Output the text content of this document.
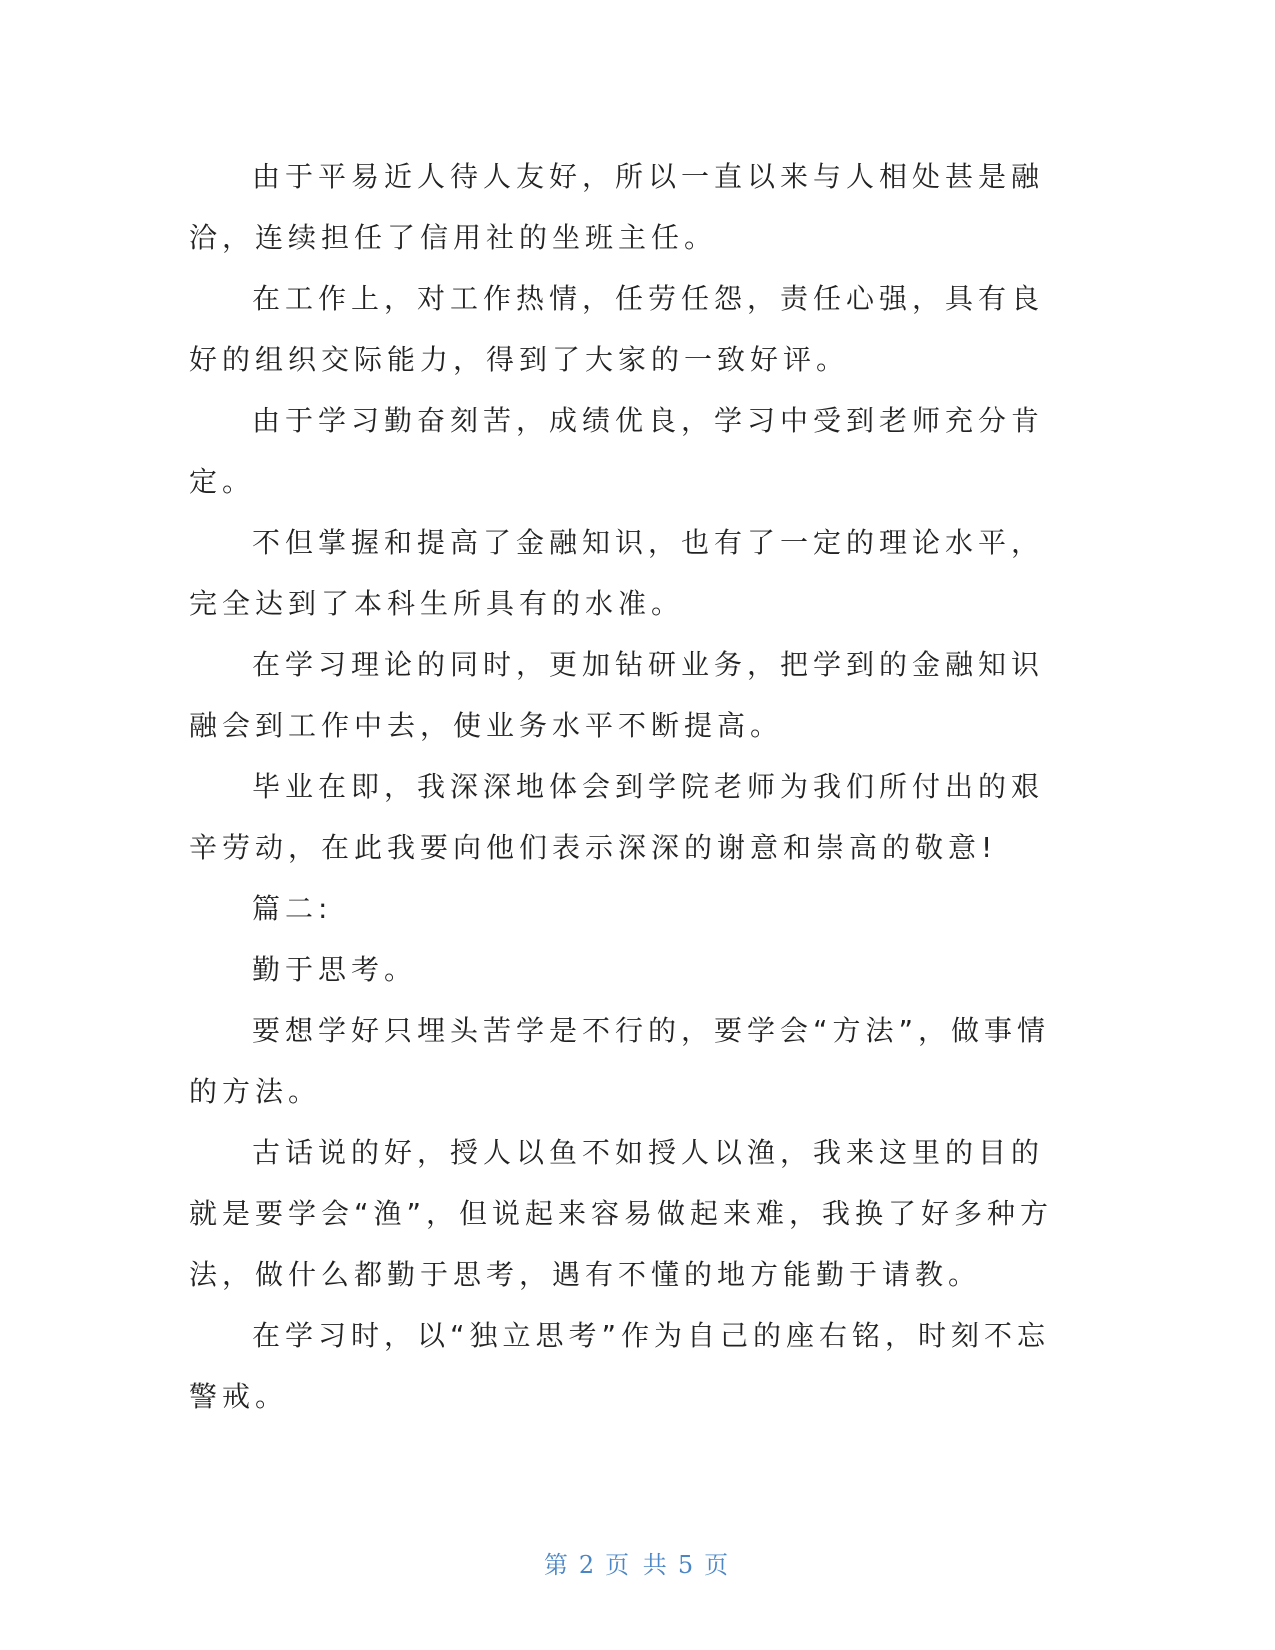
由于平易近人待人友好，所以一直以来与人相处甚是融洽，连续担任了信用社的坐班主任。

在工作上，对工作热情，任劳任怨，责任心强，具有良好的组织交际能力，得到了大家的一致好评。

由于学习勤奋刻苦，成绩优良，学习中受到老师充分肯定。

不但掌握和提高了金融知识，也有了一定的理论水平，完全达到了本科生所具有的水准。

在学习理论的同时，更加钻研业务，把学到的金融知识融会到工作中去，使业务水平不断提高。

毕业在即，我深深地体会到学院老师为我们所付出的艰辛劳动，在此我要向他们表示深深的谢意和崇高的敬意!

篇二:

勤于思考。

要想学好只埋头苦学是不行的，要学会“方法”，做事情的方法。

古话说的好，授人以鱼不如授人以渔，我来这里的目的就是要学会“渔”，但说起来容易做起来难，我换了好多种方法，做什么都勤于思考，遇有不懂的地方能勤于请教。

在学习时，以“独立思考”作为自己的座右铭，时刻不忘警戒。

第 2 页 共 5 页
